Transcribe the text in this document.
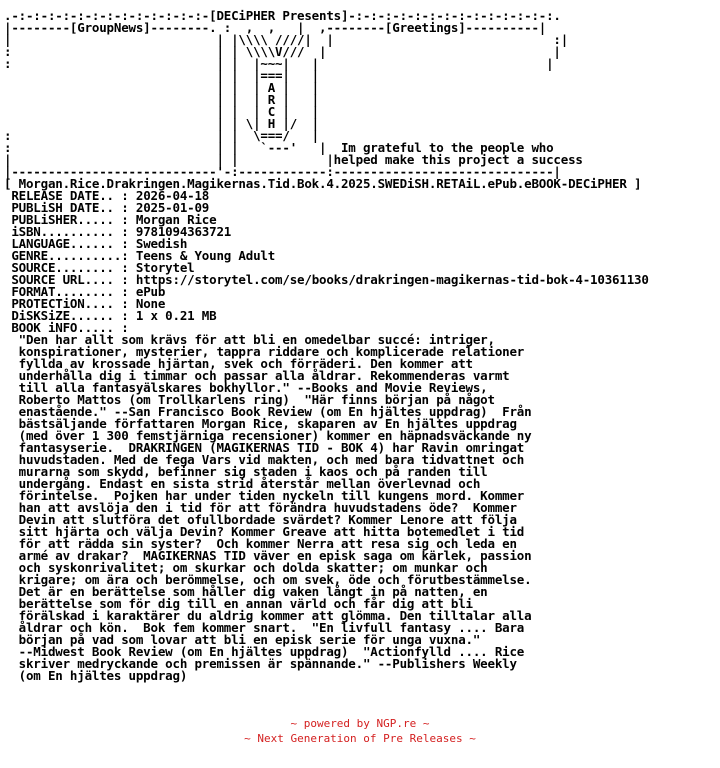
.-:-:-:-:-:-:-:-:-:-:-:-:-:-[DECiPHER Presents]-:-:-:-:-:-:-:-:-:-:-:-:-:-:.
|--------[GroupNews]--------. :  ,  ,   |  ,--------[Greetings]----------|
|                            | |\\\\ ////|  |                              :|
:                            | | \\\\V///  |                               |
:                            | |  |~~~|   |                               |
| |  |===|   |
| |  | A |   |
| |  | R |   |
| |  | C |   |
| | \| H |/  |
:                            | |  \===/   |
:                            | |   `---'   |  Im grateful to the people who
|                            | |            |helped make this project a success
|----------------------------'-:------------:------------------------------|
[ Morgan.Rice.Drakringen.Magikernas.Tid.Bok.4.2025.SWEDiSH.RETAiL.ePub.eBOOK-DECiPHER ]
RELEASE DATE.. : 2026-04-18
PUBLiSH DATE.. : 2025-01-09
PUBLiSHER..... : Morgan Rice
iSBN.......... : 9781094363721
LANGUAGE...... : Swedish
GENRE..........: Teens & Young Adult
SOURCE........ : Storytel
SOURCE URL.... : https://storytel.com/se/books/drakringen-magikernas-tid-bok-4-10361130
FORMAT........ : ePub
PROTECTiON.... : None
DiSKSiZE...... : 1 x 0.21 MB
BOOK iNFO..... :
"Den har allt som krävs för att bli en omedelbar succé: intriger,
konspirationer, mysterier, tappra riddare och komplicerade relationer
fyllda av krossade hjärtan, svek och förräderi. Den kommer att
underhålla dig i timmar och passar alla åldrar. Rekommenderas varmt
till alla fantasyälskares bokhyllor." --Books and Movie Reviews,
Roberto Mattos (om Trollkarlens ring)  "Här finns början på något
enastående." --San Francisco Book Review (om En hjältes uppdrag)  Från
bästsäljande författaren Morgan Rice, skaparen av En hjältes uppdrag
(med över 1 300 femstjärniga recensioner) kommer en häpnadsväckande ny
fantasyserie.  DRAKRINGEN (MAGIKERNAS TID - BOK 4) har Ravin omringat
huvudstaden. Med de fega Vars vid makten, och med bara tidvattnet och
murarna som skydd, befinner sig staden i kaos och på randen till
undergång. Endast en sista strid återstår mellan överlevnad och
förintelse.  Pojken har under tiden nyckeln till kungens mord. Kommer
han att avslöja den i tid för att förändra huvudstadens öde?  Kommer
Devin att slutföra det ofullbordade svärdet? Kommer Lenore att följa
sitt hjärta och välja Devin? Kommer Greave att hitta botemedlet i tid
för att rädda sin syster?  Och kommer Nerra att resa sig och leda en
armé av drakar?  MAGIKERNAS TID väver en episk saga om kärlek, passion
och syskonrivalitet; om skurkar och dolda skatter; om munkar och
krigare; om ära och berömmelse, och om svek, öde och förutbestämmelse.
Det är en berättelse som håller dig vaken långt in på natten, en
berättelse som för dig till en annan värld och får dig att bli
förälskad i karaktärer du aldrig kommer att glömma. Den tilltalar alla
åldrar och kön.  Bok fem kommer snart.  "En livfull fantasy .... Bara
början på vad som lovar att bli en episk serie för unga vuxna."
--Midwest Book Review (om En hjältes uppdrag)  "Actionfylld .... Rice
skriver medryckande och premissen är spännande." --Publishers Weekly
(om En hjältes uppdrag)
~ powered by NGP.re ~
~ Next Generation of Pre Releases ~
